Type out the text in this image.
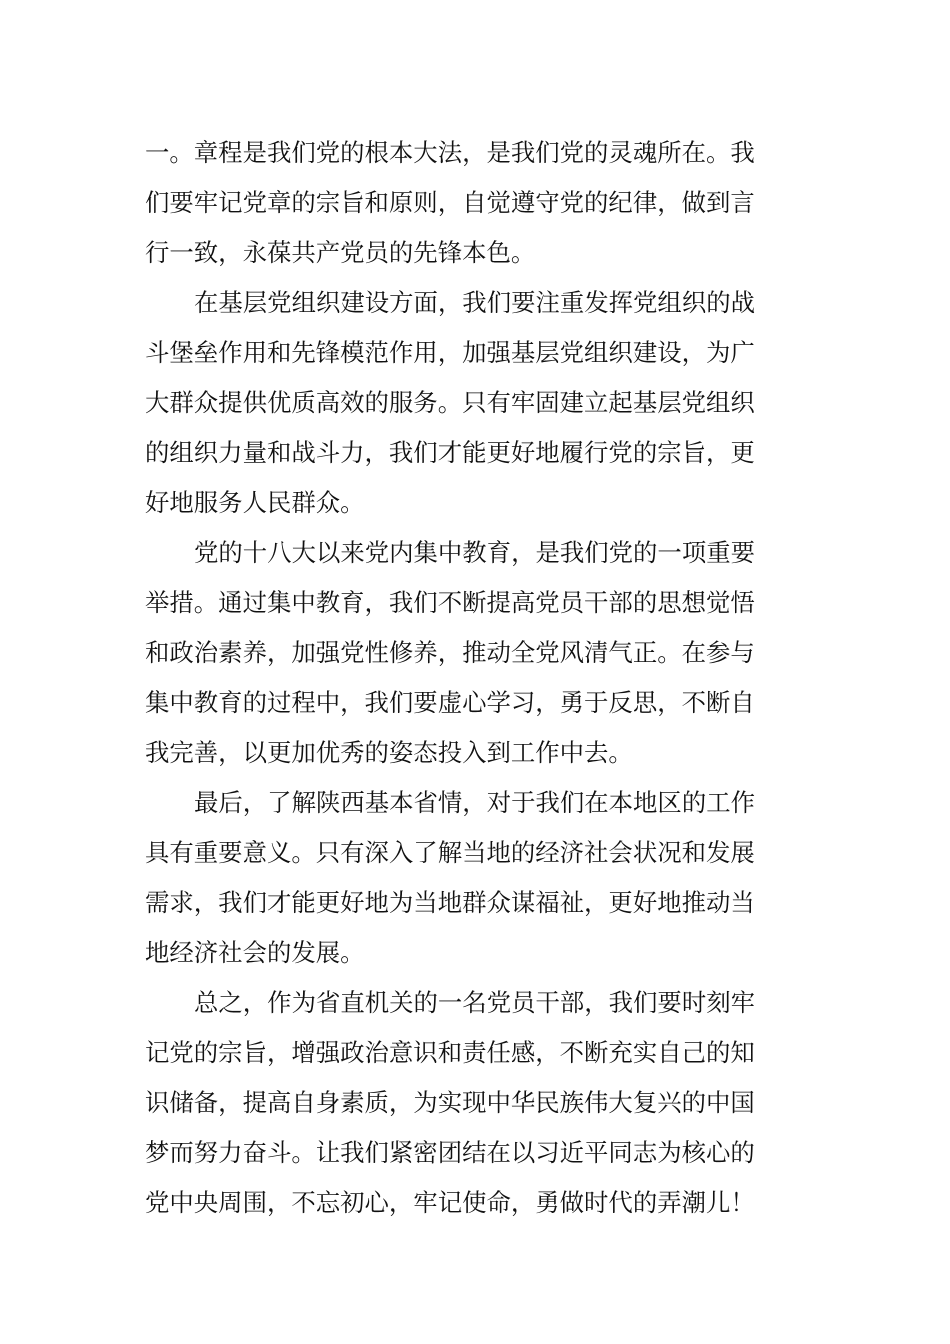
一。章程是我们党的根本大法，是我们党的灵魂所在。我
们要牢记党章的宗旨和原则，自觉遵守党的纪律，做到言
行一致，永葆共产党员的先锋本色。
在基层党组织建设方面，我们要注重发挥党组织的战
斗堡垒作用和先锋模范作用，加强基层党组织建设，为广
大群众提供优质高效的服务。只有牢固建立起基层党组织
的组织力量和战斗力，我们才能更好地履行党的宗旨，更
好地服务人民群众。
党的十八大以来党内集中教育，是我们党的一项重要
举措。通过集中教育，我们不断提高党员干部的思想觉悟
和政治素养，加强党性修养，推动全党风清气正。在参与
集中教育的过程中，我们要虚心学习，勇于反思，不断自
我完善，以更加优秀的姿态投入到工作中去。
最后，了解陕西基本省情，对于我们在本地区的工作
具有重要意义。只有深入了解当地的经济社会状况和发展
需求，我们才能更好地为当地群众谋福祉，更好地推动当
地经济社会的发展。
总之，作为省直机关的一名党员干部，我们要时刻牢
记党的宗旨，增强政治意识和责任感，不断充实自己的知
识储备，提高自身素质，为实现中华民族伟大复兴的中国
梦而努力奋斗。让我们紧密团结在以习近平同志为核心的
党中央周围，不忘初心，牢记使命，勇做时代的弄潮儿！
